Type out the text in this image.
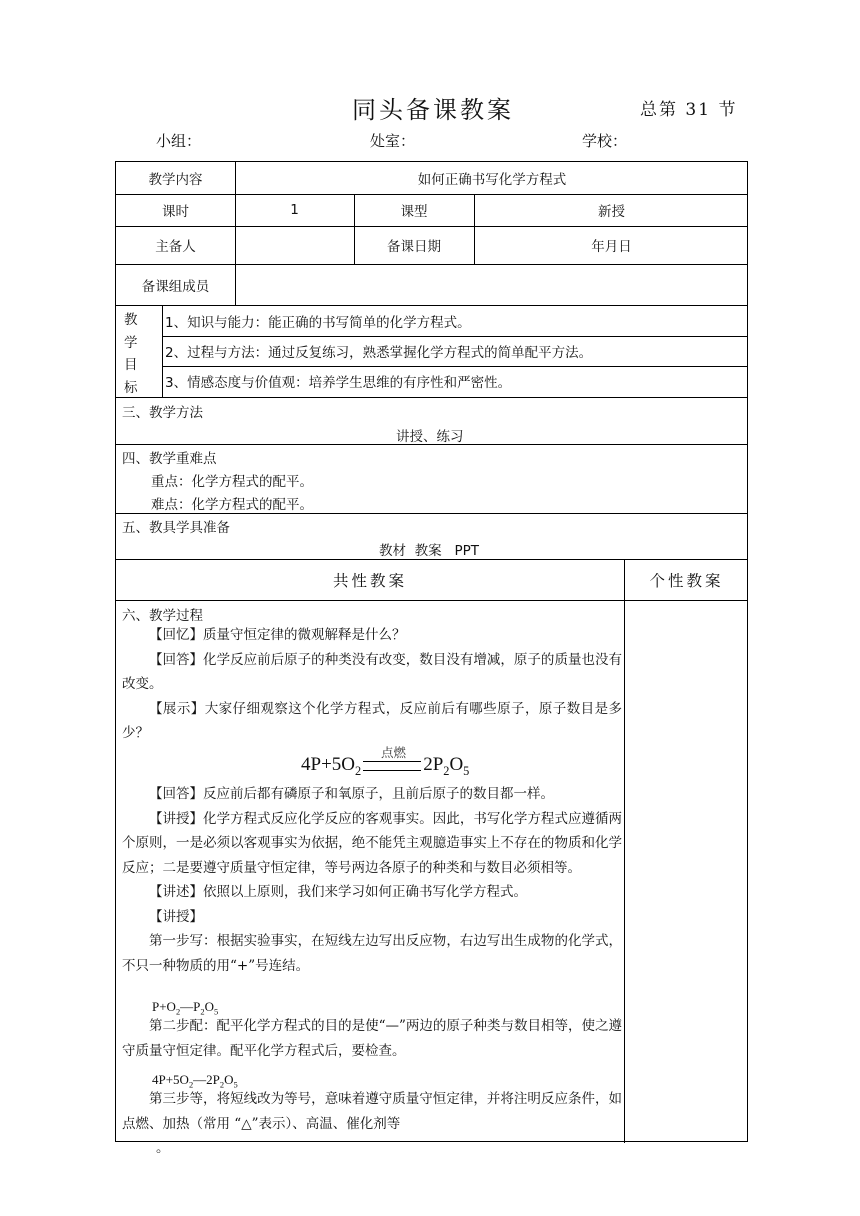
同头备课教案	总第 31 节
小组：	处室：	学校：
教学内容	如何正确书写化学方程式
课时	1	课型	新授
主备人	备课日期	年月日
备课组成员
教
学
目
标
1、知识与能力：能正确的书写简单的化学方程式。
2、过程与方法：通过反复练习，熟悉掌握化学方程式的简单配平方法。
3、情感态度与价值观：培养学生思维的有序性和严密性。
三、教学方法
讲授、练习
四、教学重难点
重点：化学方程式的配平。
难点：化学方程式的配平。
五、教具学具准备
教材  教案   PPT
共性教案	个性教案
六、教学过程

【回忆】质量守恒定律的微观解释是什么？

【回答】化学反应前后原子的种类没有改变，数目没有增减，原子的质量也没有改变。

【展示】大家仔细观察这个化学方程式，反应前后有哪些原子，原子数目是多少？

点燃
$4P+5O_2$	$2P_2O_5$

【回答】反应前后都有磷原子和氧原子，且前后原子的数目都一样。

【讲授】化学方程式反应化学反应的客观事实。因此，书写化学方程式应遵循两个原则，一是必须以客观事实为依据，绝不能凭主观臆造事实上不存在的物质和化学反应；二是要遵守质量守恒定律，等号两边各原子的种类和与数目必须相等。

【讲述】依照以上原则，我们来学习如何正确书写化学方程式。

【讲授】

第一步写：根据实验事实，在短线左边写出反应物，右边写出生成物的化学式，不只一种物质的用“+”号连结。

$P+O_2—P_2O_5$

第二步配：配平化学方程式的目的是使“—”两边的原子种类与数目相等，使之遵守质量守恒定律。配平化学方程式后，要检查。

$4P+5O_2—2P_2O_5$

第三步等，将短线改为等号，意味着遵守质量守恒定律，并将注明反应条件，如点燃、加热（常用 “△”表示）、高温、催化剂等

。
